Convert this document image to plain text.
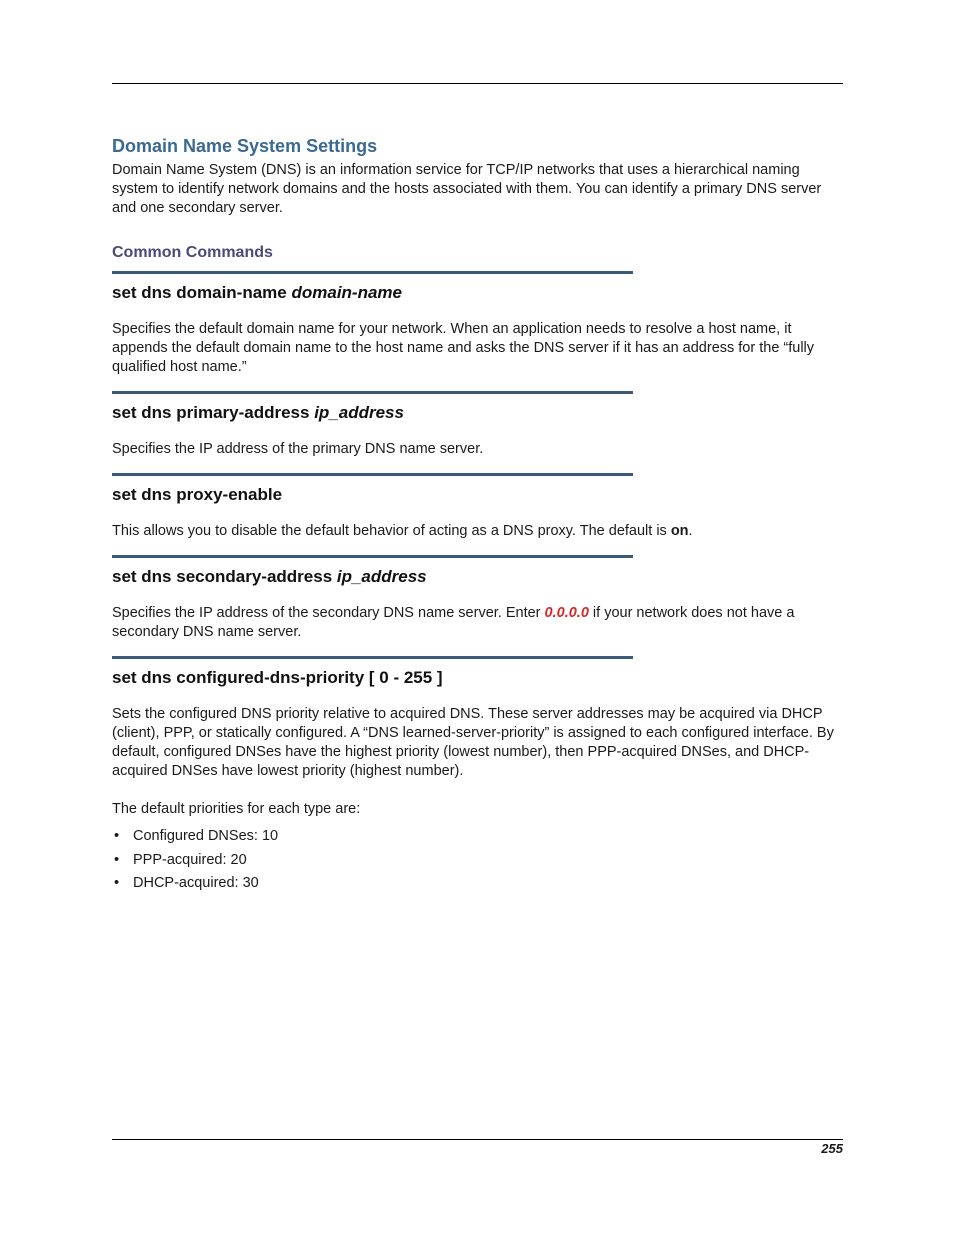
Domain Name System Settings

Domain Name System (DNS) is an information service for TCP/IP networks that uses a hierarchical naming system to identify network domains and the hosts associated with them. You can identify a primary DNS server and one secondary server.

Common Commands
set dns domain-name domain-name

Specifies the default domain name for your network. When an application needs to resolve a host name, it appends the default domain name to the host name and asks the DNS server if it has an address for the “fully qualified host name.”

set dns primary-address ip_address

Specifies the IP address of the primary DNS name server.

set dns proxy-enable

This allows you to disable the default behavior of acting as a DNS proxy. The default is on.

set dns secondary-address ip_address

Specifies the IP address of the secondary DNS name server. Enter 0.0.0.0 if your network does not have a secondary DNS name server.

set dns configured-dns-priority [ 0 - 255 ]

Sets the configured DNS priority relative to acquired DNS. These server addresses may be acquired via DHCP (client), PPP, or statically configured. A “DNS learned-server-priority” is assigned to each configured interface. By default, configured DNSes have the highest priority (lowest number), then PPP-acquired DNSes, and DHCP-acquired DNSes have lowest priority (highest number).

The default priorities for each type are:

• Configured DNSes: 10
• PPP-acquired: 20
• DHCP-acquired: 30
255
